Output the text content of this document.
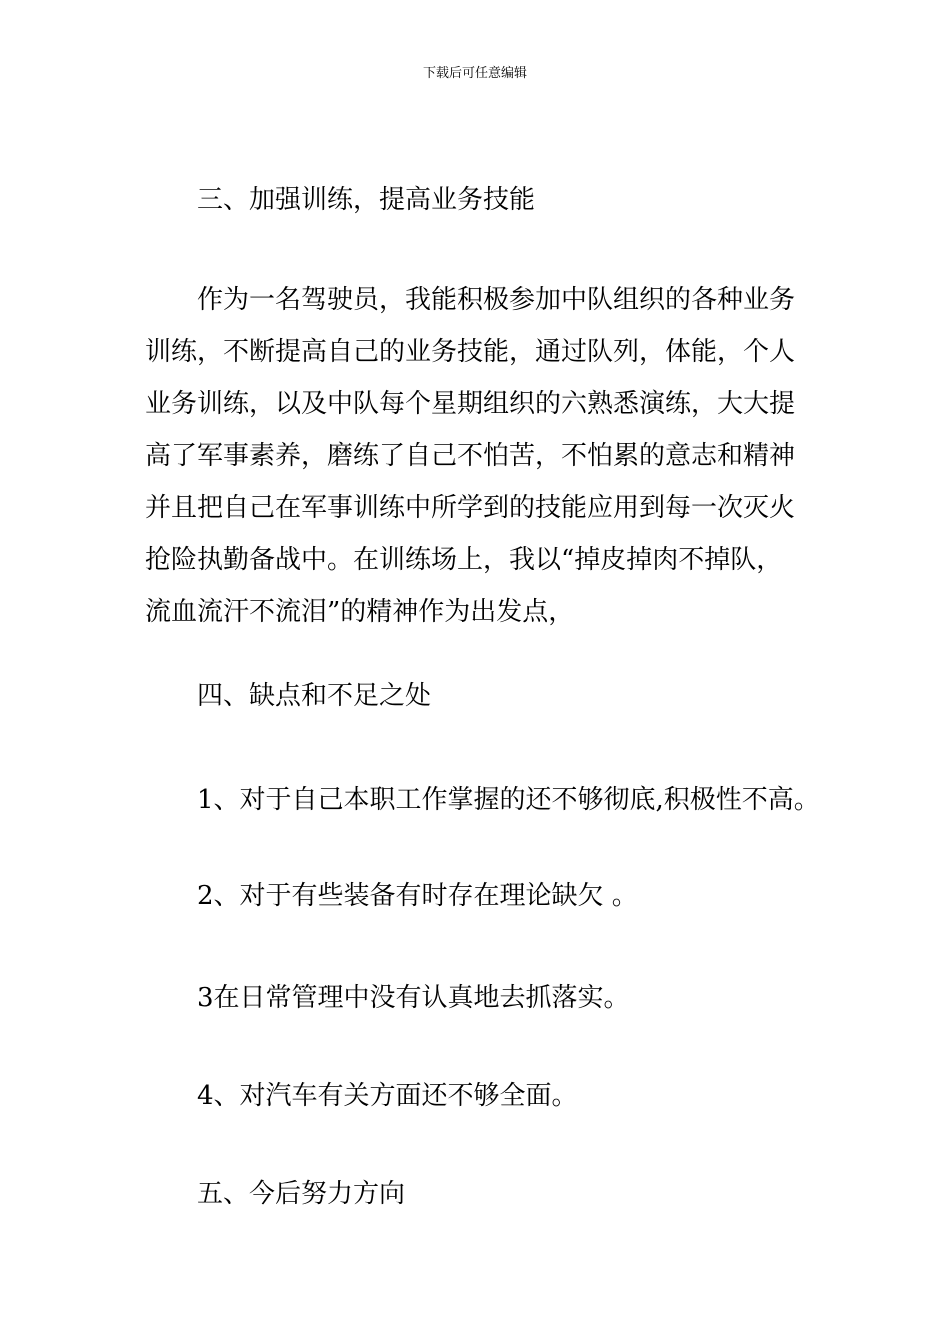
下载后可任意编辑
三、加强训练，提高业务技能
作为一名驾驶员，我能积极参加中队组织的各种业务
训练，不断提高自己的业务技能，通过队列，体能，个人
业务训练，以及中队每个星期组织的六熟悉演练，大大提
高了军事素养，磨练了自己不怕苦，不怕累的意志和精神
并且把自己在军事训练中所学到的技能应用到每一次灭火
抢险执勤备战中。在训练场上，我以“掉皮掉肉不掉队，
流血流汗不流泪”的精神作为出发点，
四、缺点和不足之处
1、对于自己本职工作掌握的还不够彻底,积极性不高。
2、对于有些装备有时存在理论缺欠 。
3在日常管理中没有认真地去抓落实。
4、对汽车有关方面还不够全面。
五、今后努力方向
